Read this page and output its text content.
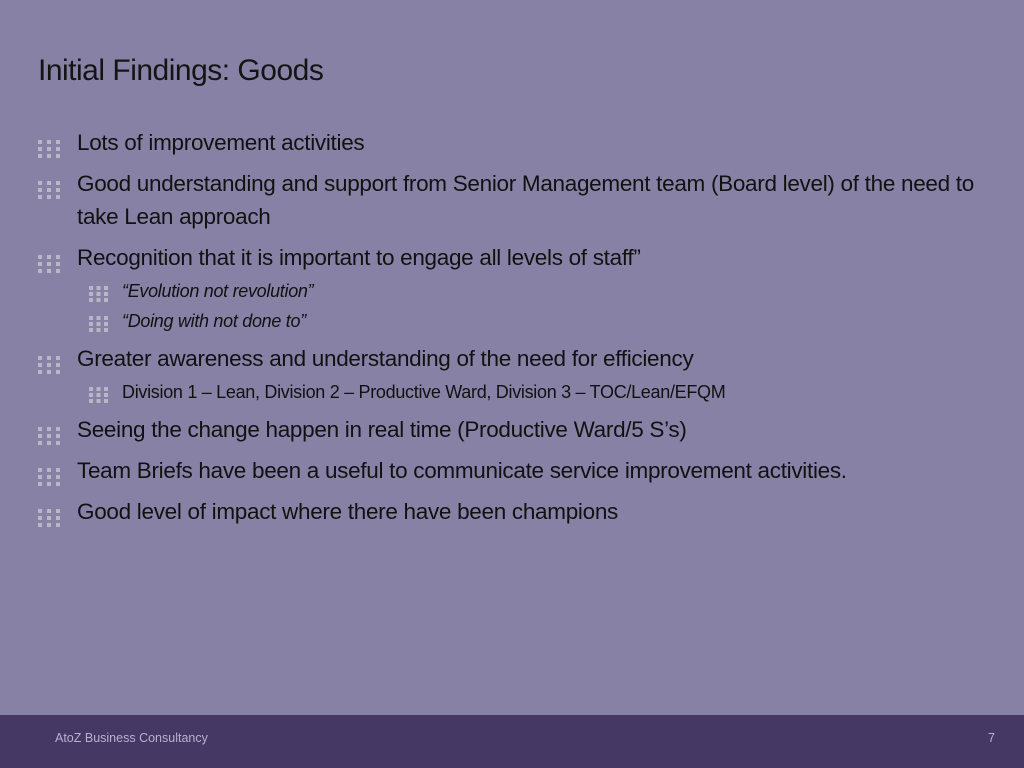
Initial Findings: Goods
Lots of improvement activities
Good understanding and support from Senior Management team (Board level) of the need to take Lean approach
Recognition that it is important to engage all levels of staff”
“Evolution not revolution”
“Doing with not done to”
Greater awareness and understanding of the need for efficiency
Division 1 – Lean, Division 2 – Productive Ward, Division 3 – TOC/Lean/EFQM
Seeing the change happen in real time (Productive Ward/5 S’s)
Team Briefs have been a useful to communicate service improvement activities.
Good level of impact where there have been champions
AtoZ Business Consultancy	7
